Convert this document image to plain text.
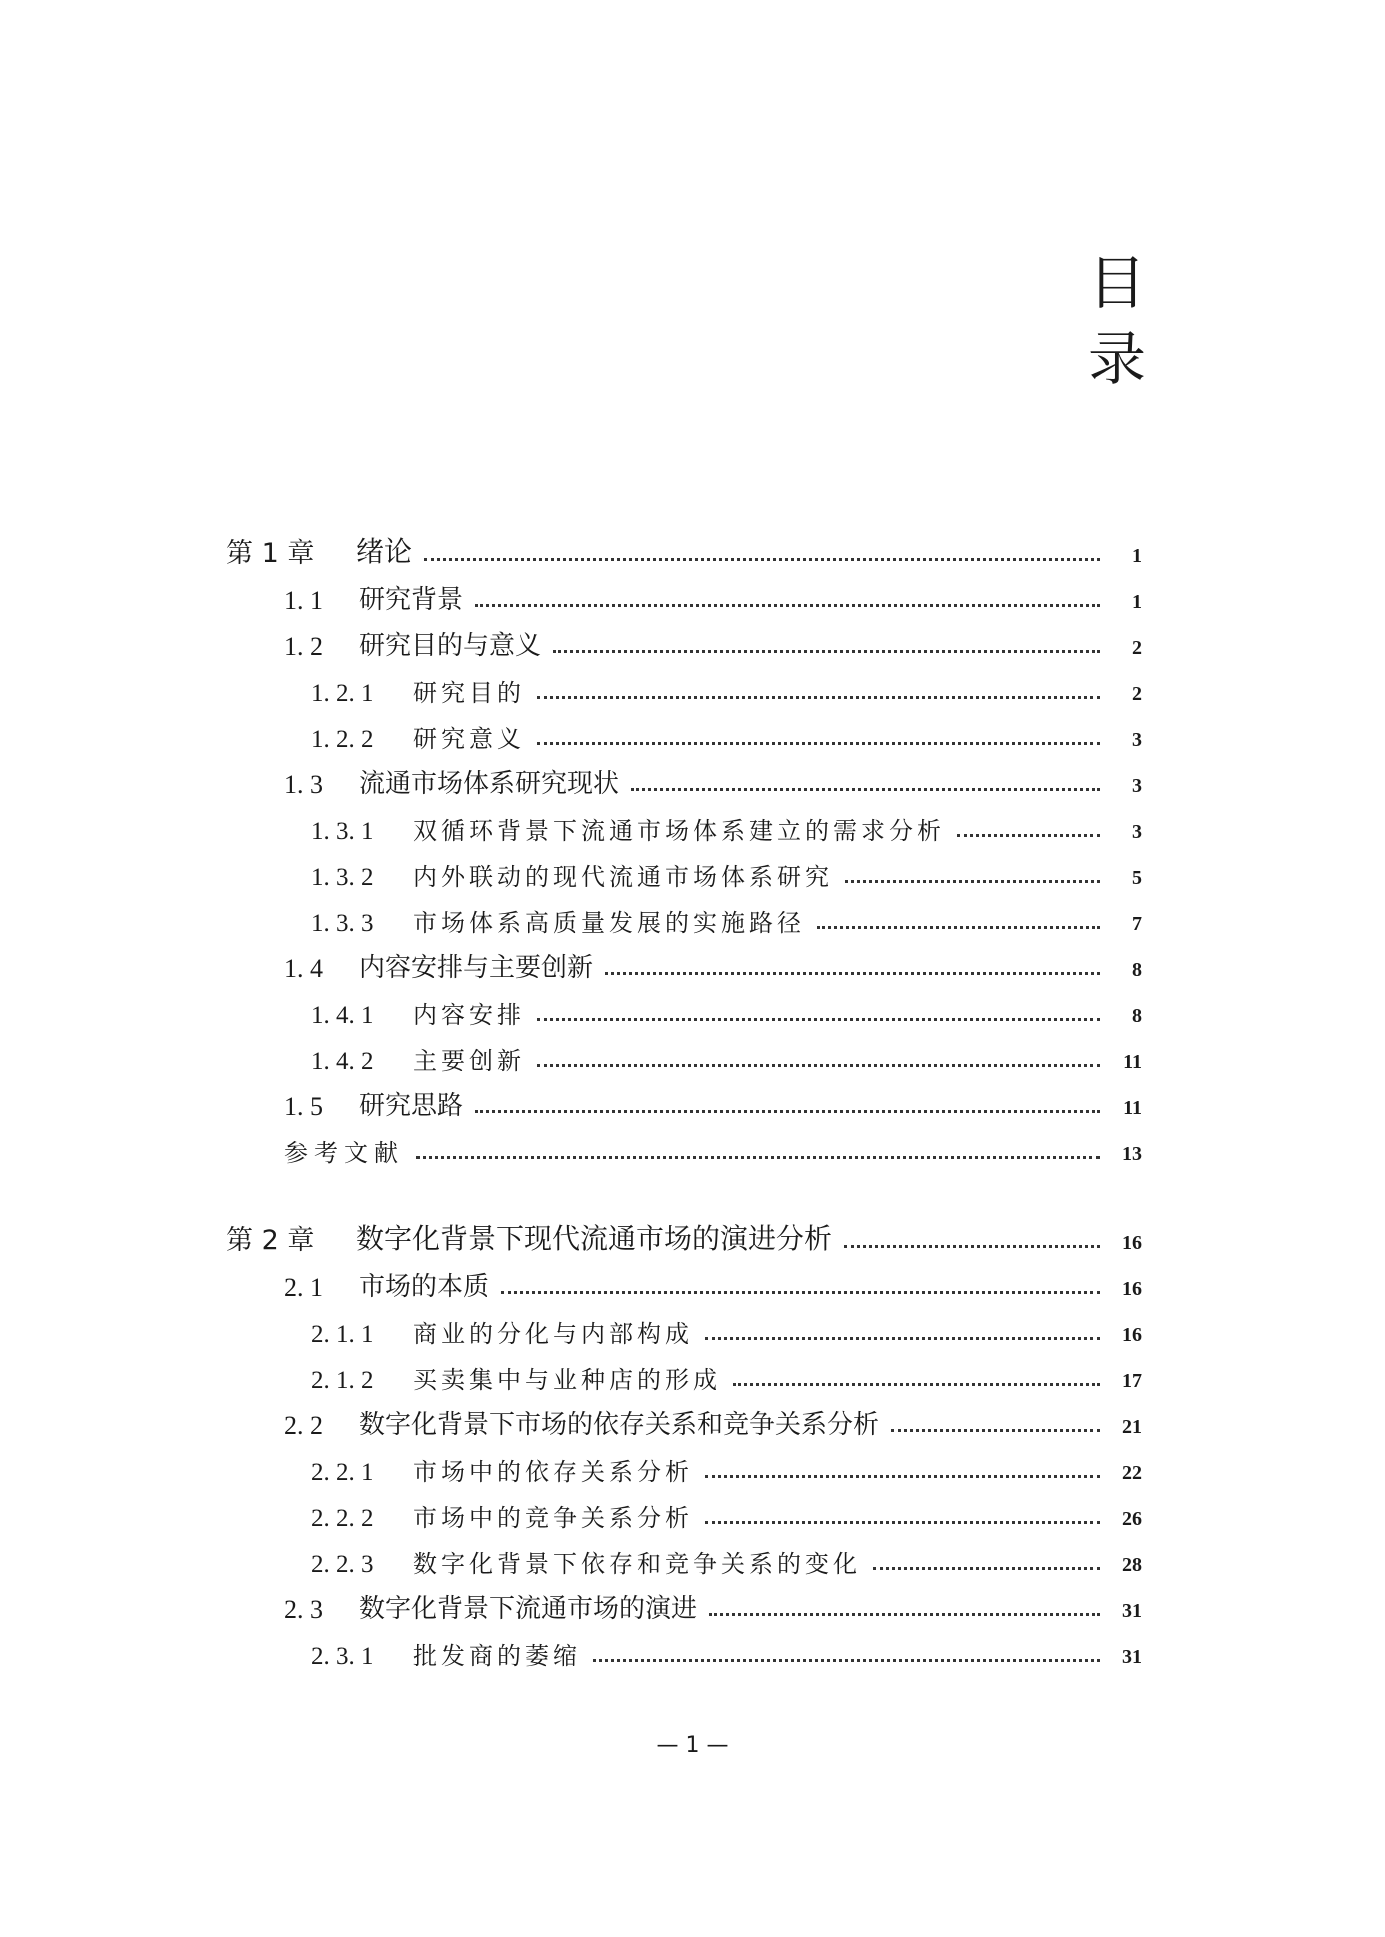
目
录
第 1 章	绪论	1
1. 1	研究背景	1
1. 2	研究目的与意义	2
1. 2. 1	研究目的	2
1. 2. 2	研究意义	3
1. 3	流通市场体系研究现状	3
1. 3. 1	双循环背景下流通市场体系建立的需求分析	3
1. 3. 2	内外联动的现代流通市场体系研究	5
1. 3. 3	市场体系高质量发展的实施路径	7
1. 4	内容安排与主要创新	8
1. 4. 1	内容安排	8
1. 4. 2	主要创新	11
1. 5	研究思路	11
参考文献	13
第 2 章	数字化背景下现代流通市场的演进分析	16
2. 1	市场的本质	16
2. 1. 1	商业的分化与内部构成	16
2. 1. 2	买卖集中与业种店的形成	17
2. 2	数字化背景下市场的依存关系和竞争关系分析	21
2. 2. 1	市场中的依存关系分析	22
2. 2. 2	市场中的竞争关系分析	26
2. 2. 3	数字化背景下依存和竞争关系的变化	28
2. 3	数字化背景下流通市场的演进	31
2. 3. 1	批发商的萎缩	31
— 1 —
